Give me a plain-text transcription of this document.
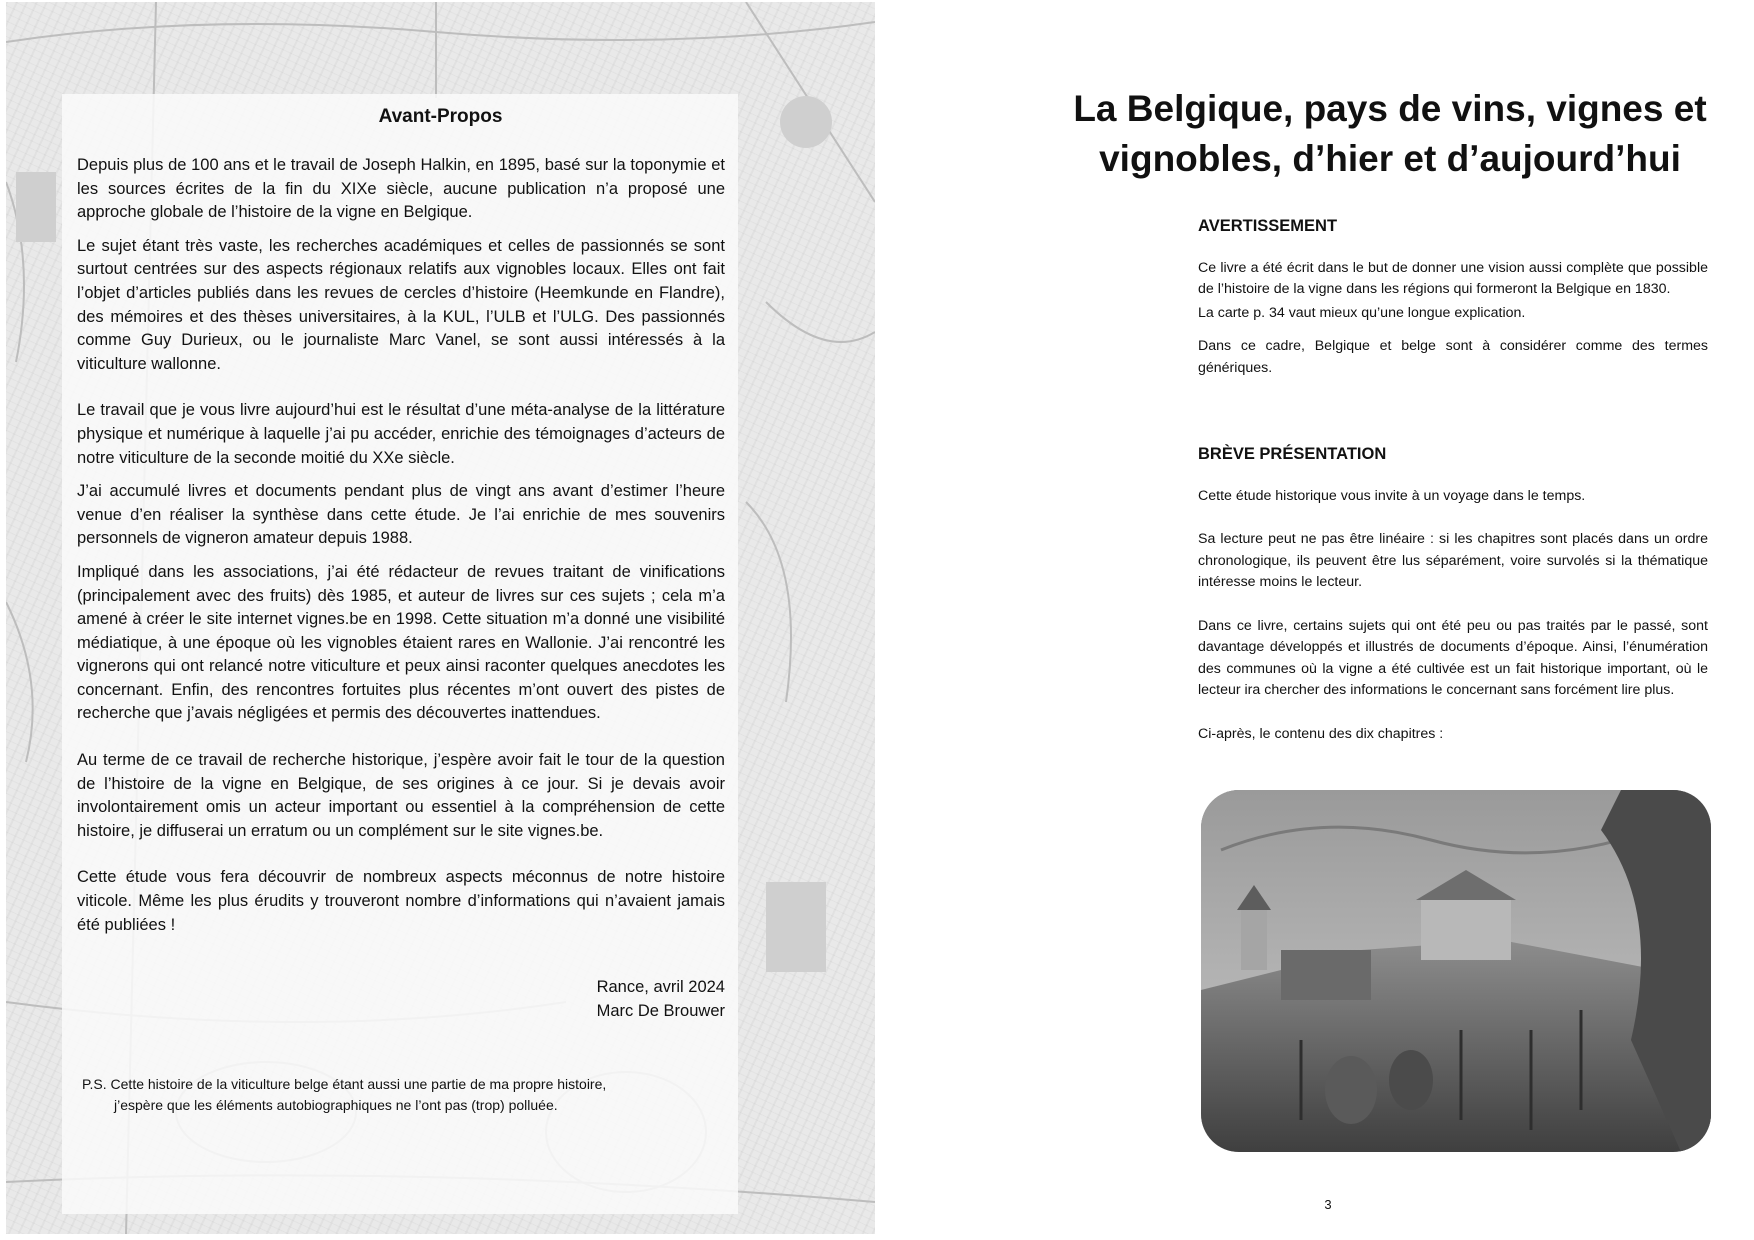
Avant-Propos

Depuis plus de 100 ans et le travail de Joseph Halkin, en 1895, basé sur la toponymie et les sources écrites de la fin du XIXe siècle, aucune publication n’a proposé une approche globale de l’histoire de la vigne en Belgique.

Le sujet étant très vaste, les recherches académiques et celles de passionnés se sont surtout centrées sur des aspects régionaux relatifs aux vignobles locaux. Elles ont fait l’objet d’articles publiés dans les revues de cercles d’histoire (Heemkunde en Flandre), des mémoires et des thèses universitaires, à la KUL, l’ULB et l’ULG. Des passionnés comme Guy Durieux, ou le journaliste Marc Vanel, se sont aussi intéressés à la viticulture wallonne.

Le travail que je vous livre aujourd’hui est le résultat d’une méta-analyse de la littérature physique et numérique à laquelle j’ai pu accéder, enrichie des témoignages d’acteurs de notre viticulture de la seconde moitié du XXe siècle.

J’ai accumulé livres et documents pendant plus de vingt ans avant d’estimer l’heure venue d’en réaliser la synthèse dans cette étude. Je l’ai enrichie de mes souvenirs personnels de vigneron amateur depuis 1988.

Impliqué dans les associations, j’ai été rédacteur de revues traitant de vinifications (principalement avec des fruits) dès 1985, et auteur de livres sur ces sujets ; cela m’a amené à créer le site internet vignes.be en 1998. Cette situation m’a donné une visibilité médiatique, à une époque où les vignobles étaient rares en Wallonie. J’ai rencontré les vignerons qui ont relancé notre viticulture et peux ainsi raconter quelques anecdotes les concernant. Enfin, des rencontres fortuites plus récentes m’ont ouvert des pistes de recherche que j’avais négligées et permis des découvertes inattendues.

Au terme de ce travail de recherche historique, j’espère avoir fait le tour de la question de l’histoire de la vigne en Belgique, de ses origines à ce jour. Si je devais avoir involontairement omis un acteur important ou essentiel à la compréhension de cette histoire, je diffuserai un erratum ou un complément sur le site vignes.be.

Cette étude vous fera découvrir de nombreux aspects méconnus de notre histoire viticole. Même les plus érudits y trouveront nombre d’informations qui n’avaient jamais été publiées !

Rance, avril 2024
Marc De Brouwer
P.S. Cette histoire de la viticulture belge étant aussi une partie de ma propre histoire,
j’espère que les éléments autobiographiques ne l’ont pas (trop) polluée.
La Belgique, pays de vins, vignes et
vignobles, d’hier et d’aujourd’hui
AVERTISSEMENT

Ce livre a été écrit dans le but de donner une vision aussi complète que possible de l’histoire de la vigne dans les régions qui formeront la Belgique en 1830.

La carte p. 34 vaut mieux qu’une longue explication.

Dans ce cadre, Belgique et belge sont à considérer comme des termes génériques.

BRÈVE PRÉSENTATION

Cette étude historique vous invite à un voyage dans le temps.

Sa lecture peut ne pas être linéaire : si les chapitres sont placés dans un ordre chronologique, ils peuvent être lus séparément, voire survolés si la thématique intéresse moins le lecteur.

Dans ce livre, certains sujets qui ont été peu ou pas traités par le passé, sont davantage développés et illustrés de documents d’époque. Ainsi, l’énumération des communes où la vigne a été cultivée est un fait historique important, où le lecteur ira chercher des informations le concernant sans forcément lire plus.

Ci-après, le contenu des dix chapitres :

3
